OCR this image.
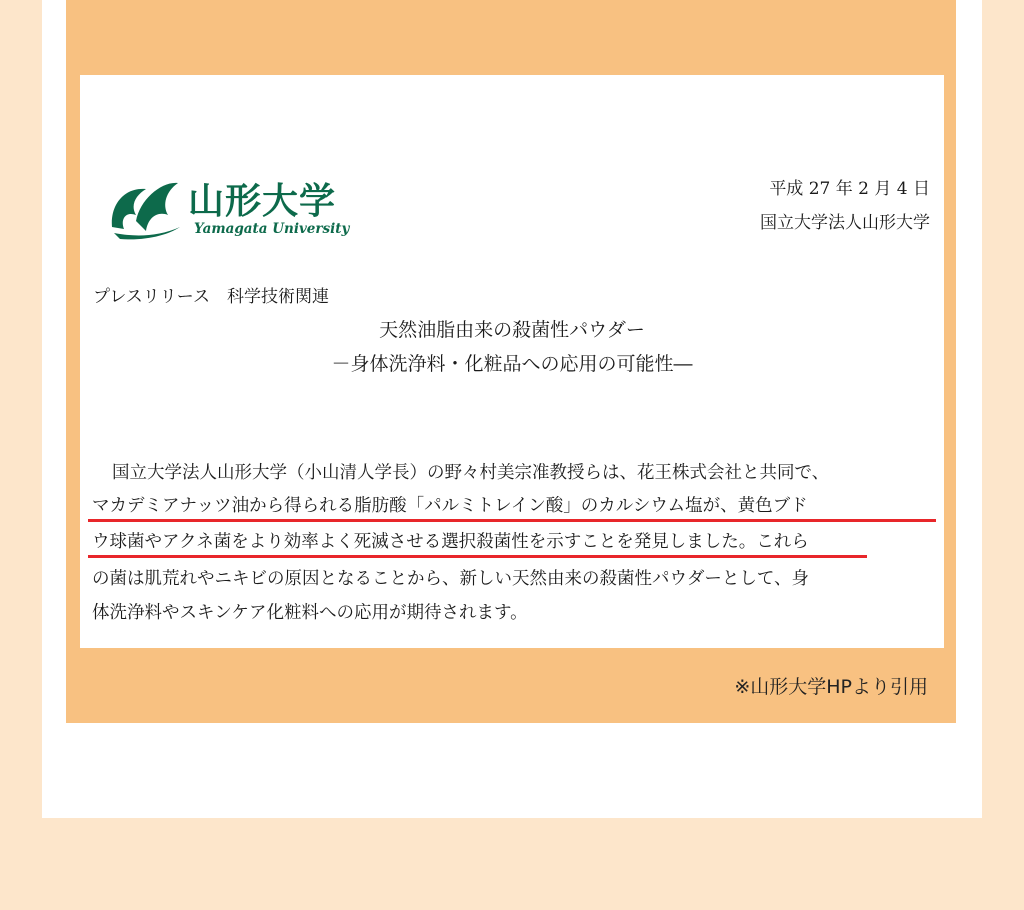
山形大学
Yamagata University
平成 27 年 2 月 4 日
国立大学法人山形大学
プレスリリース　科学技術関連
天然油脂由来の殺菌性パウダー
－身体洗浄料・化粧品への応用の可能性―
国立大学法人山形大学（小山清人学長）の野々村美宗准教授らは、花王株式会社と共同で、
マカデミアナッツ油から得られる脂肪酸「パルミトレイン酸」のカルシウム塩が、黄色ブド
ウ球菌やアクネ菌をより効率よく死滅させる選択殺菌性を示すことを発見しました。これら
の菌は肌荒れやニキビの原因となることから、新しい天然由来の殺菌性パウダーとして、身
体洗浄料やスキンケア化粧料への応用が期待されます。
※山形大学HPより引用
